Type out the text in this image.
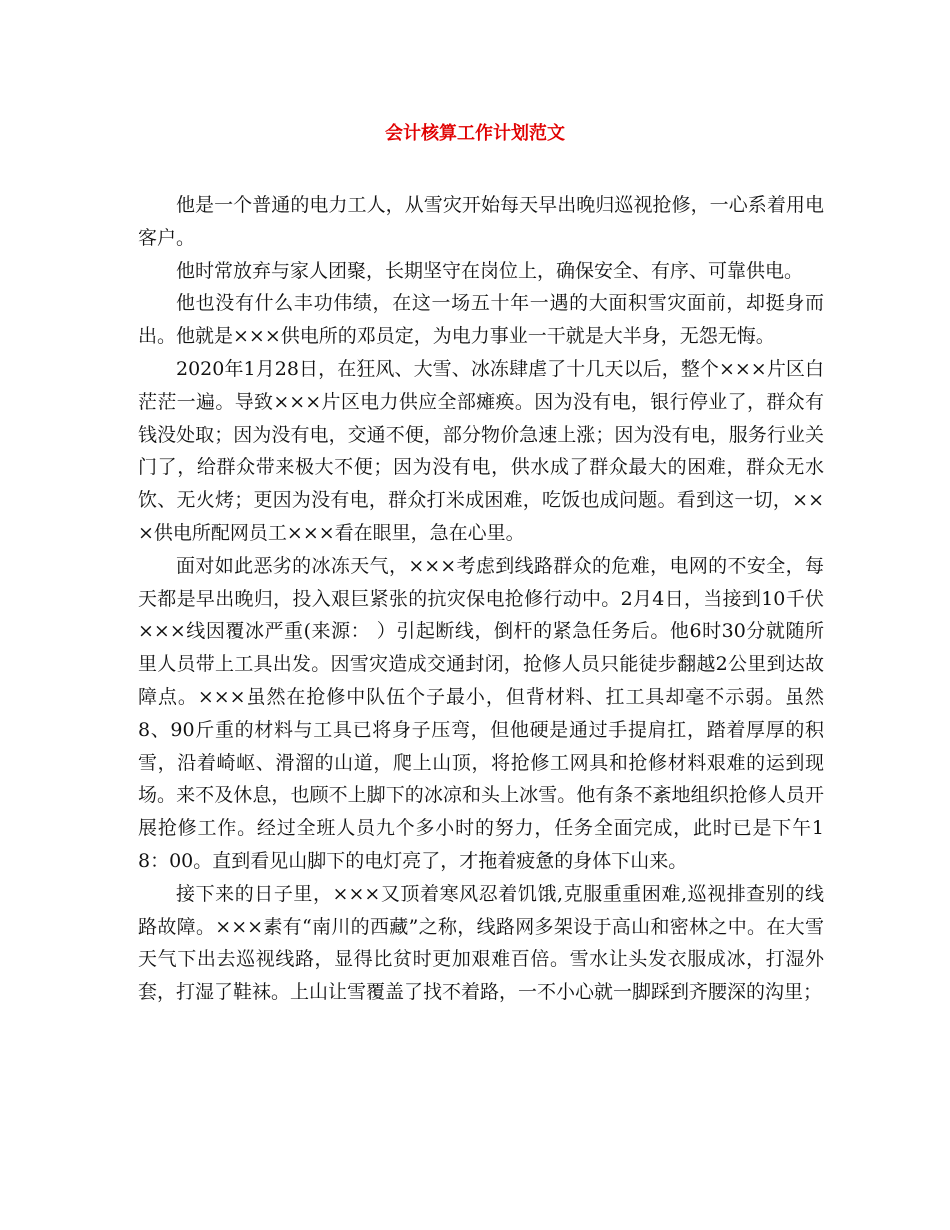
会计核算工作计划范文

他是一个普通的电力工人，从雪灾开始每天早出晚归巡视抢修，一心系着用电客户。

他时常放弃与家人团聚，长期坚守在岗位上，确保安全、有序、可靠供电。

他也没有什么丰功伟绩，在这一场五十年一遇的大面积雪灾面前，却挺身而出。他就是×××供电所的邓员定，为电力事业一干就是大半身，无怨无悔。

2020年1月28日，在狂风、大雪、冰冻肆虐了十几天以后，整个×××片区白茫茫一遍。导致×××片区电力供应全部瘫痪。因为没有电，银行停业了，群众有钱没处取；因为没有电，交通不便，部分物价急速上涨；因为没有电，服务行业关门了，给群众带来极大不便；因为没有电，供水成了群众最大的困难，群众无水饮、无火烤；更因为没有电，群众打米成困难，吃饭也成问题。看到这一切，×××供电所配网员工×××看在眼里，急在心里。

面对如此恶劣的冰冻天气，×××考虑到线路群众的危难，电网的不安全，每天都是早出晚归，投入艰巨紧张的抗灾保电抢修行动中。2月4日，当接到10千伏×××线因覆冰严重(来源： ）引起断线，倒杆的紧急任务后。他6时30分就随所里人员带上工具出发。因雪灾造成交通封闭，抢修人员只能徒步翻越2公里到达故障点。×××虽然在抢修中队伍个子最小，但背材料、扛工具却毫不示弱。虽然8、90斤重的材料与工具已将身子压弯，但他硬是通过手提肩扛，踏着厚厚的积雪，沿着崎岖、滑溜的山道，爬上山顶，将抢修工网具和抢修材料艰难的运到现场。来不及休息，也顾不上脚下的冰凉和头上冰雪。他有条不紊地组织抢修人员开展抢修工作。经过全班人员九个多小时的努力，任务全面完成，此时已是下午18：00。直到看见山脚下的电灯亮了，才拖着疲惫的身体下山来。

接下来的日子里，×××又顶着寒风忍着饥饿,克服重重困难,巡视排查别的线路故障。×××素有“南川的西藏”之称，线路网多架设于高山和密林之中。在大雪天气下出去巡视线路，显得比贫时更加艰难百倍。雪水让头发衣服成冰，打湿外套，打湿了鞋袜。上山让雪覆盖了找不着路，一不小心就一脚踩到齐腰深的沟里；
